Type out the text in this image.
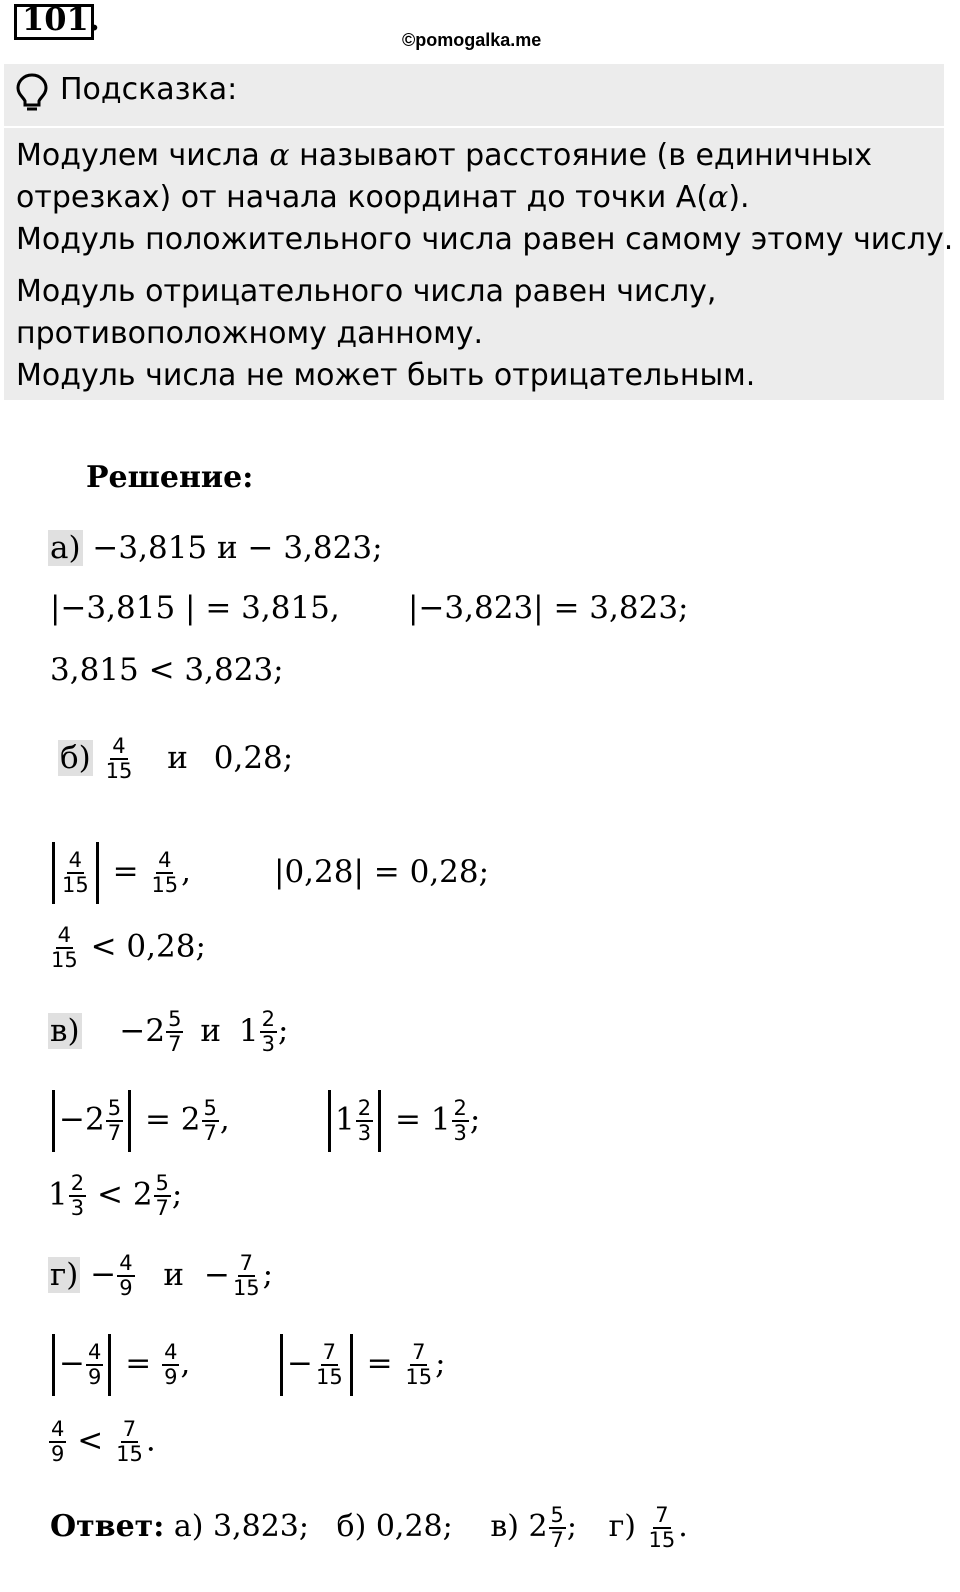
101.
©pomogalka.me
Подсказка:
Модулем числа α называют расстояние (в единичных
отрезках) от начала координат до точки A(α).
Модуль положительного числа равен самому этому числу.
Модуль отрицательного числа равен числу,
противоположному данному.
Модуль числа не может быть отрицательным.
Решение:
а) −3,815 и − 3,823;
|−3,815 | = 3,815, |−3,823| = 3,823;
3,815 < 3,823;
$б) \frac{4}{15}$ и 0,28;
$\frac{4}{15} = \frac{4}{15}$ ,	|0,28| = 0,28;
$\frac{4}{15} < 0,28$;
$в) -2 \frac{5}{7}$ и $1 \frac{2}{3}$ ;
$-2 \frac{5}{7} = 2 \frac{5}{7}$ ,	$1 \frac{2}{3} = 1 \frac{2}{3}$ ;
$1 \frac{2}{3} < 2 \frac{5}{7}$ ;
$г) - \frac{4}{9}$ $и - \frac{7}{15}$ ;
− $\frac{4}{9} = \frac{4}{9}$ ,	− $\frac{7}{15} = \frac{7}{15}$ ;
$\frac{4}{9} < \frac{7}{15}$ .
Ответ: а) 3,823; б) 0,28; в) $2 \frac{5}{7}$ ; $г) \frac{7}{15}$ .
